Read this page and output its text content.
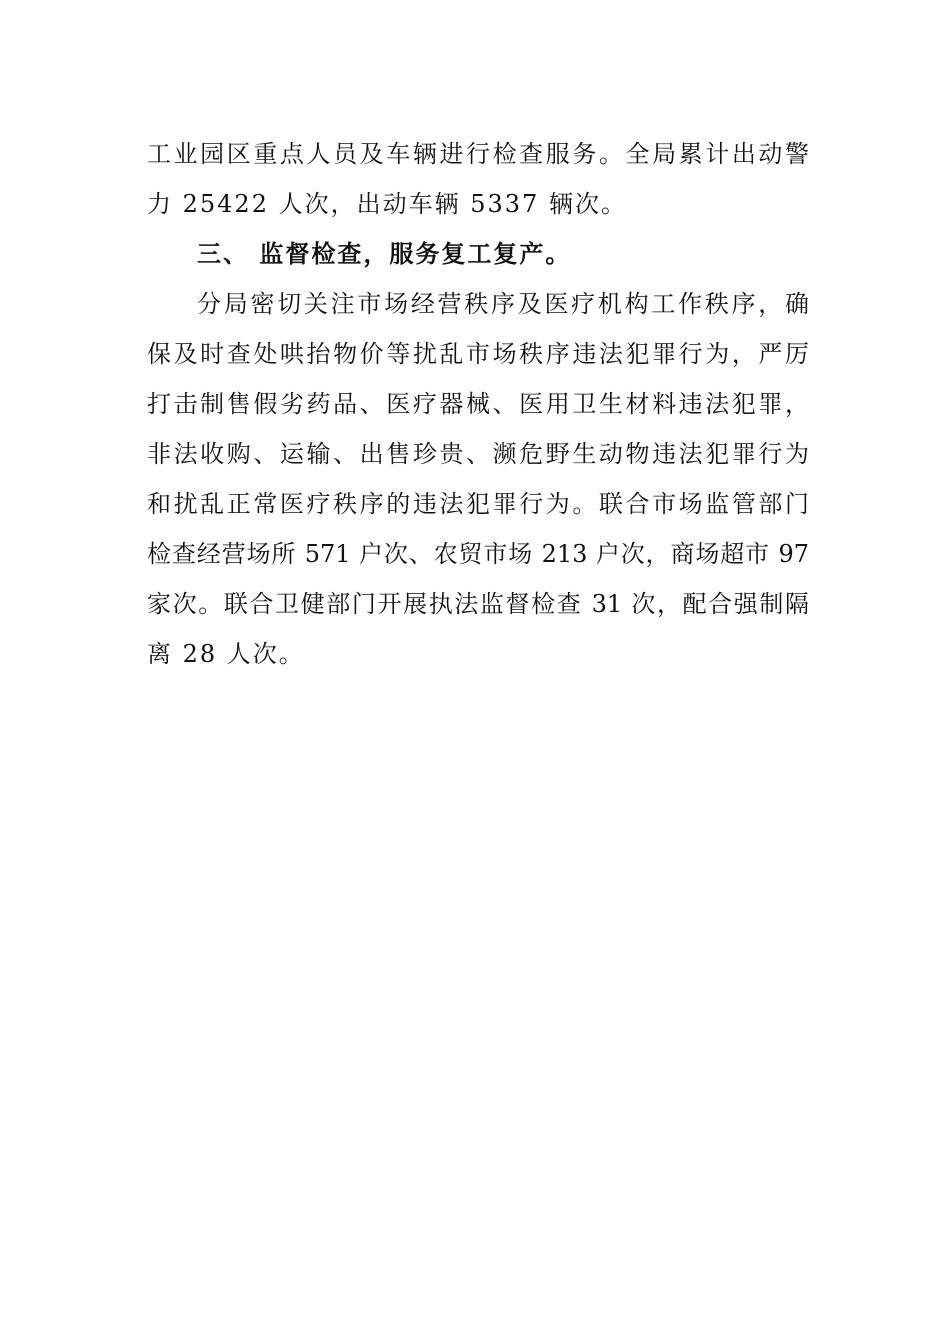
工业园区重点人员及车辆进行检查服务。全局累计出动警
力 25422 人次，出动车辆 5337 辆次。
三、 监督检查，服务复工复产。
分局密切关注市场经营秩序及医疗机构工作秩序，确
保及时查处哄抬物价等扰乱市场秩序违法犯罪行为，严厉
打击制售假劣药品、医疗器械、医用卫生材料违法犯罪，
非法收购、运输、出售珍贵、濒危野生动物违法犯罪行为
和扰乱正常医疗秩序的违法犯罪行为。联合市场监管部门
检查经营场所 571 户次、农贸市场 213 户次，商场超市 97
家次。联合卫健部门开展执法监督检查 31 次，配合强制隔
离 28 人次。
